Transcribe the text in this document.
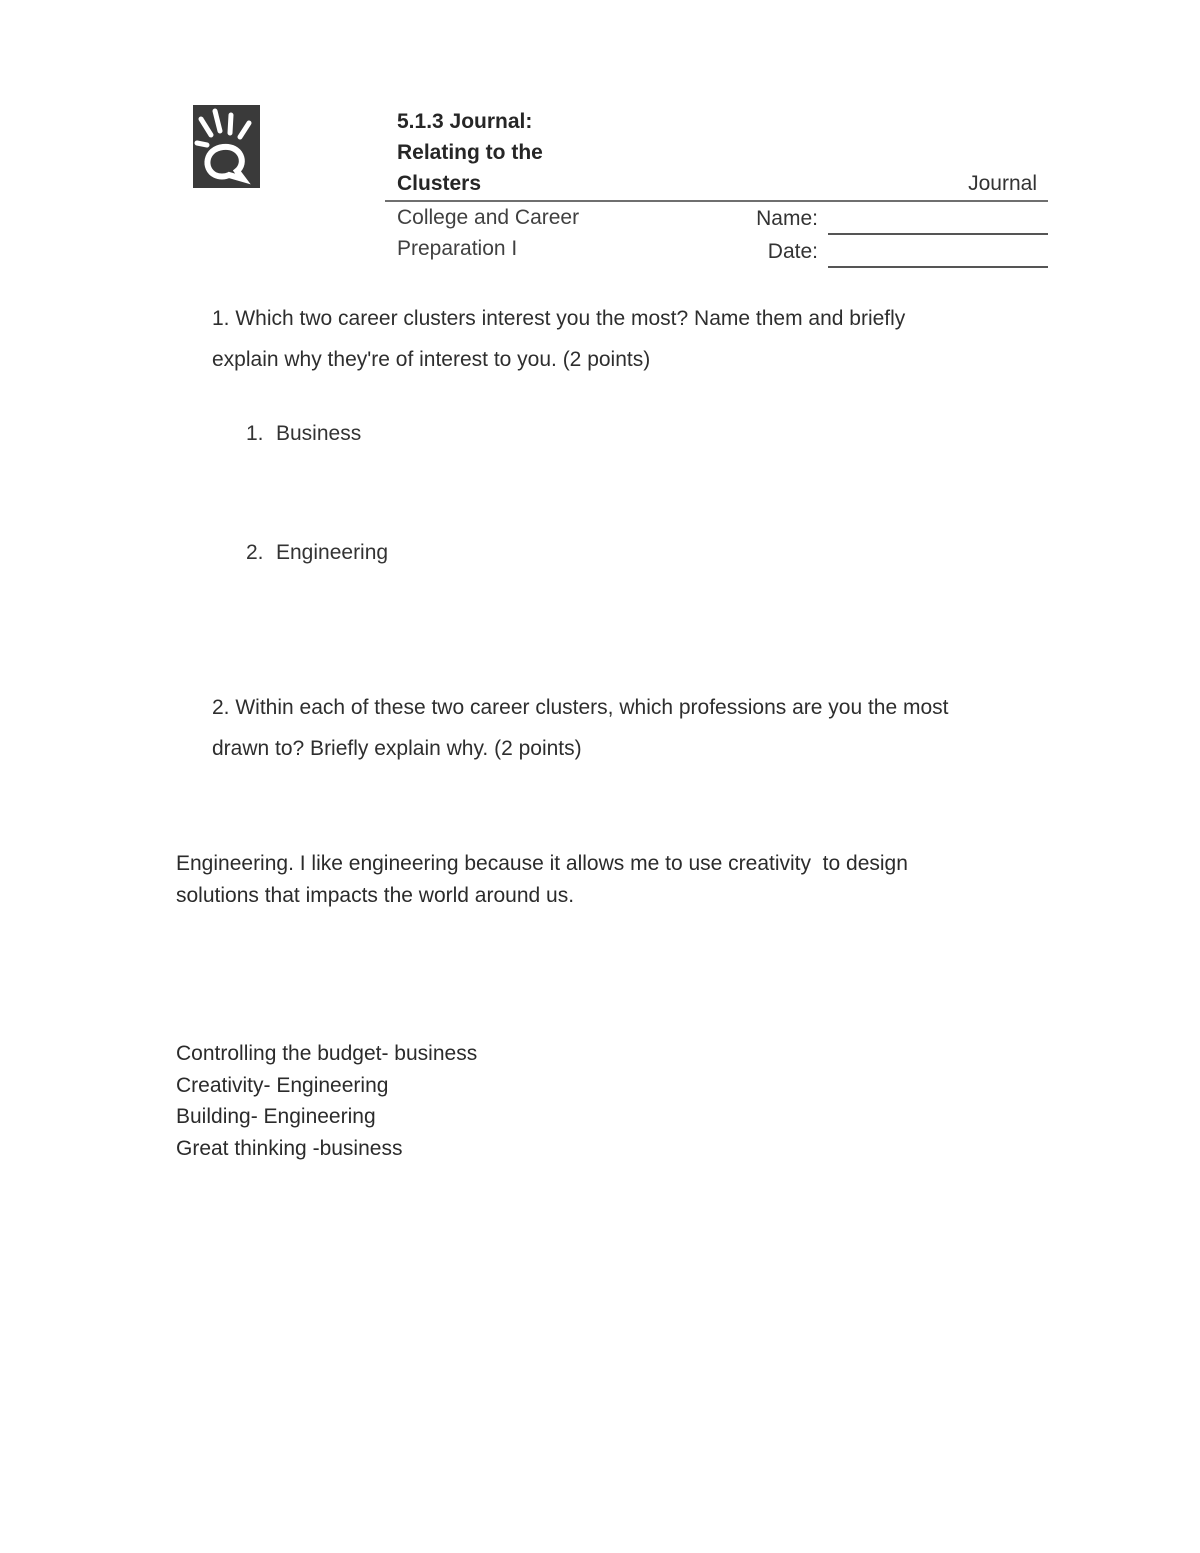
5.1.3 Journal:
Relating to the
Clusters	Journal
College and Career
Preparation I
Name:
Date:
1. Which two career clusters interest you the most? Name them and briefly
explain why they're of interest to you. (2 points)
1. Business
2. Engineering
2. Within each of these two career clusters, which professions are you the most
drawn to? Briefly explain why. (2 points)
Engineering. I like engineering because it allows me to use creativity  to design
solutions that impacts the world around us.
Controlling the budget- business
Creativity- Engineering
Building- Engineering
Great thinking -business
